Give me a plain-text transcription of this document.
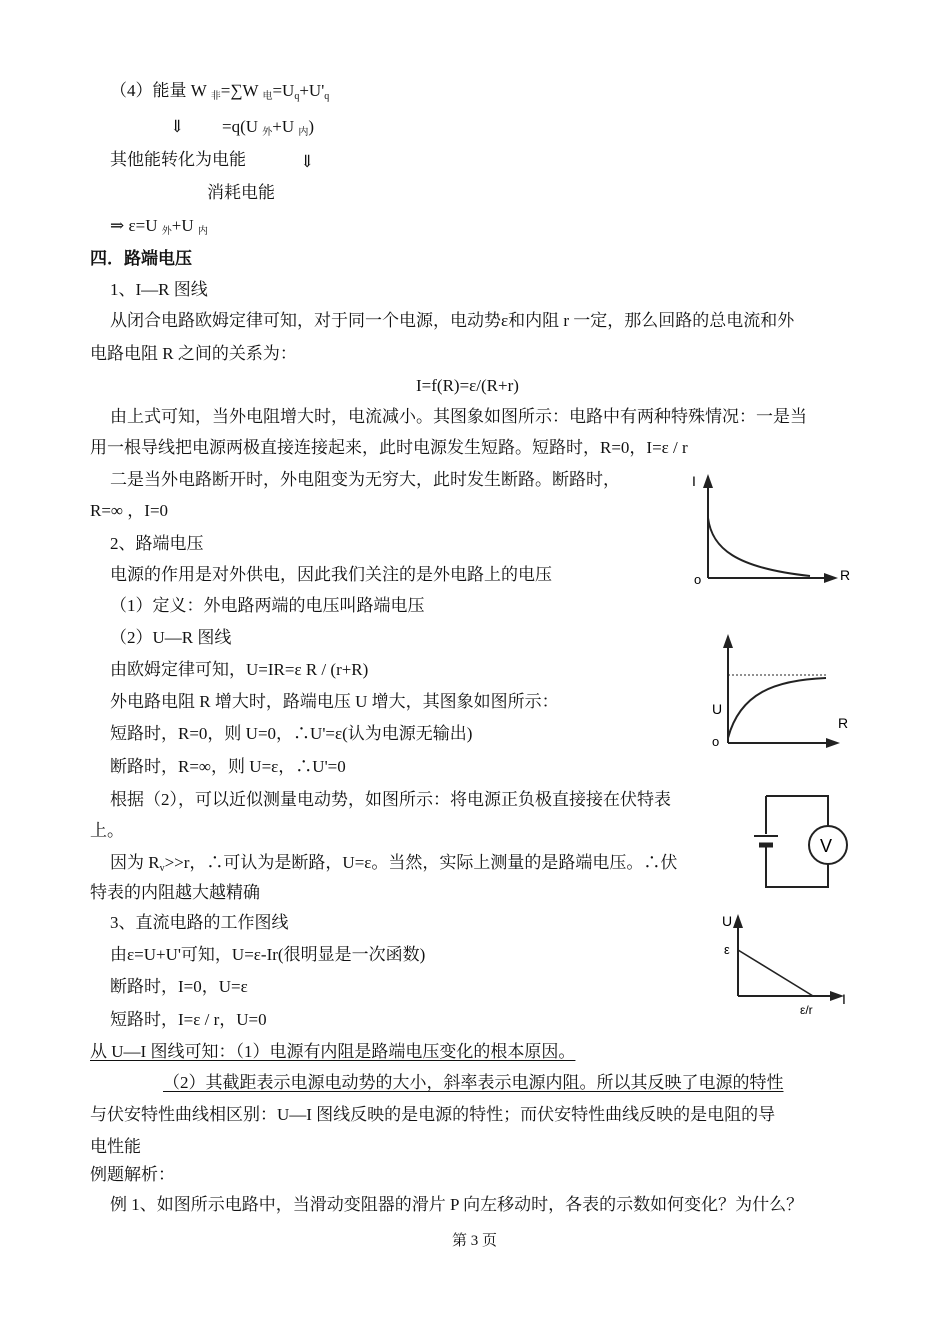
（4）能量 W 非=∑W 电=Uq+U'q
⇓ =q(U 外+U 内)
其他能转化为电能	⇓
消耗电能
⇒ ε=U 外+U 内
四．路端电压
1、I—R 图线
从闭合电路欧姆定律可知，对于同一个电源，电动势ε和内阻 r 一定，那么回路的总电流和外
电路电阻 R 之间的关系为：
I=f(R)=ε/(R+r)
由上式可知，当外电阻增大时，电流减小。其图象如图所示：电路中有两种特殊情况：一是当
用一根导线把电源两极直接连接起来，此时电源发生短路。短路时，R=0，I=ε / r
二是当外电路断开时，外电阻变为无穷大，此时发生断路。断路时，
R=∞ ，I=0
2、路端电压
电源的作用是对外供电，因此我们关注的是外电路上的电压
（1）定义：外电路两端的电压叫路端电压
（2）U—R 图线
由欧姆定律可知，U=IR=ε R / (r+R)
外电路电阻 R 增大时，路端电压 U 增大，其图象如图所示：
短路时，R=0，则 U=0，∴U'=ε(认为电源无输出)
断路时，R=∞，则 U=ε，∴U'=0
根据（2），可以近似测量电动势，如图所示：将电源正负极直接接在伏特表
上。
因为 Rv>>r，∴可认为是断路，U=ε。当然，实际上测量的是路端电压。∴伏
特表的内阻越大越精确
3、直流电路的工作图线
由ε=U+U'可知，U=ε-Ir(很明显是一次函数)
断路时，I=0，U=ε
短路时，I=ε / r，U=0
从 U—I 图线可知：（1）电源有内阻是路端电压变化的根本原因。
（2）其截距表示电源电动势的大小，斜率表示电源内阻。所以其反映了电源的特性
与伏安特性曲线相区别：U—I 图线反映的是电源的特性；而伏安特性曲线反映的是电阻的导
电性能
例题解析：
例 1、如图所示电路中，当滑动变阻器的滑片 P 向左移动时，各表的示数如何变化？为什么？
第 3 页
I
R
o
U
R
o
V
U
I
ε
ε/r
